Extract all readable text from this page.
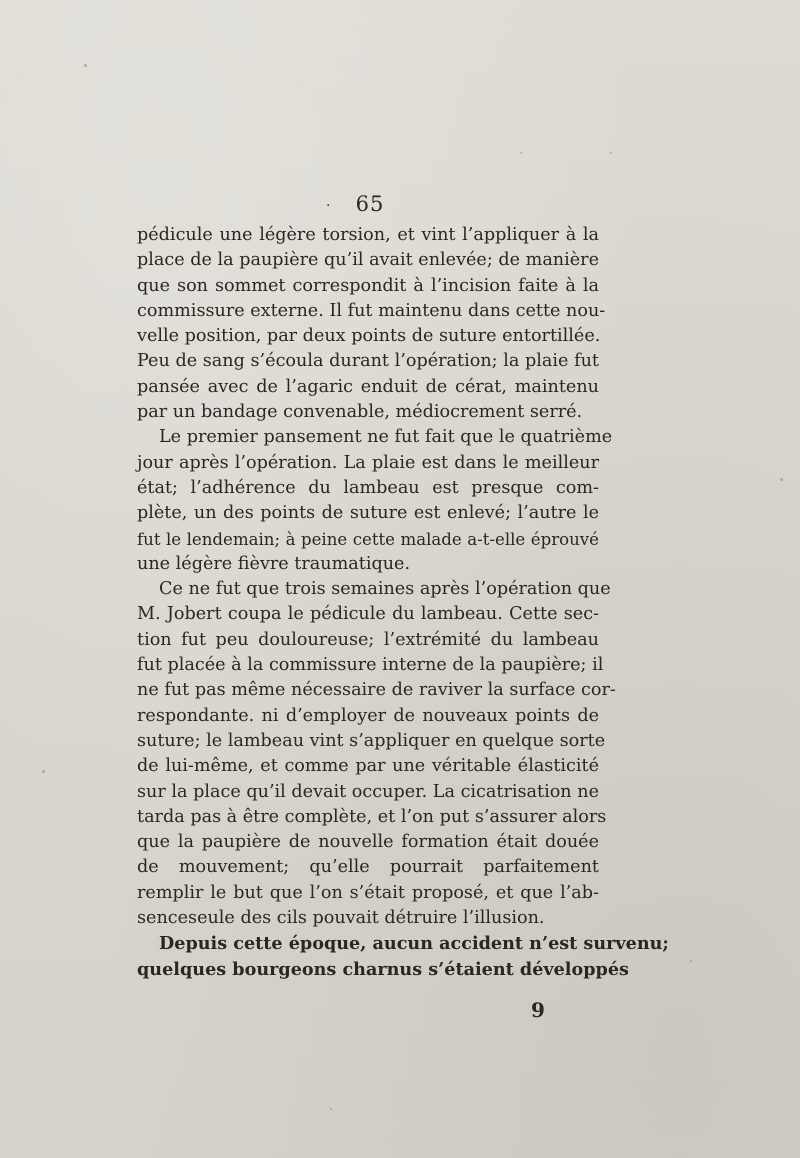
· 65
pédicule une légère torsion, et vint l’appliquer à la
place de la paupière qu’il avait enlevée; de manière
que son sommet correspondit à l’incision faite à la
commissure externe. Il fut maintenu dans cette nou-
velle position, par deux points de suture entortillée.
Peu de sang s’écoula durant l’opération; la plaie fut
pansée avec de l’agaric enduit de cérat, maintenu
par un bandage convenable, médiocrement serré.
Le premier pansement ne fut fait que le quatrième
jour après l’opération. La plaie est dans le meilleur
état; l’adhérence du lambeau est presque com-
plète, un des points de suture est enlevé; l’autre le
fut le lendemain; à peine cette malade a-t-elle éprouvé
une légère fièvre traumatique.
Ce ne fut que trois semaines après l’opération que
M. Jobert coupa le pédicule du lambeau. Cette sec-
tion fut peu douloureuse; l’extrémité du lambeau
fut placée à la commissure interne de la paupière; il
ne fut pas même nécessaire de raviver la surface cor-
respondante. ni d’employer de nouveaux points de
suture; le lambeau vint s’appliquer en quelque sorte
de lui-même, et comme par une véritable élasticité
sur la place qu’il devait occuper. La cicatrisation ne
tarda pas à être complète, et l’on put s’assurer alors
que la paupière de nouvelle formation était douée
de mouvement; qu’elle pourrait parfaitement
remplir le but que l’on s’était proposé, et que l’ab-
senceseule des cils pouvait détruire l’illusion.
Depuis cette époque, aucun accident n’est survenu;
quelques bourgeons charnus s’étaient développés
9
